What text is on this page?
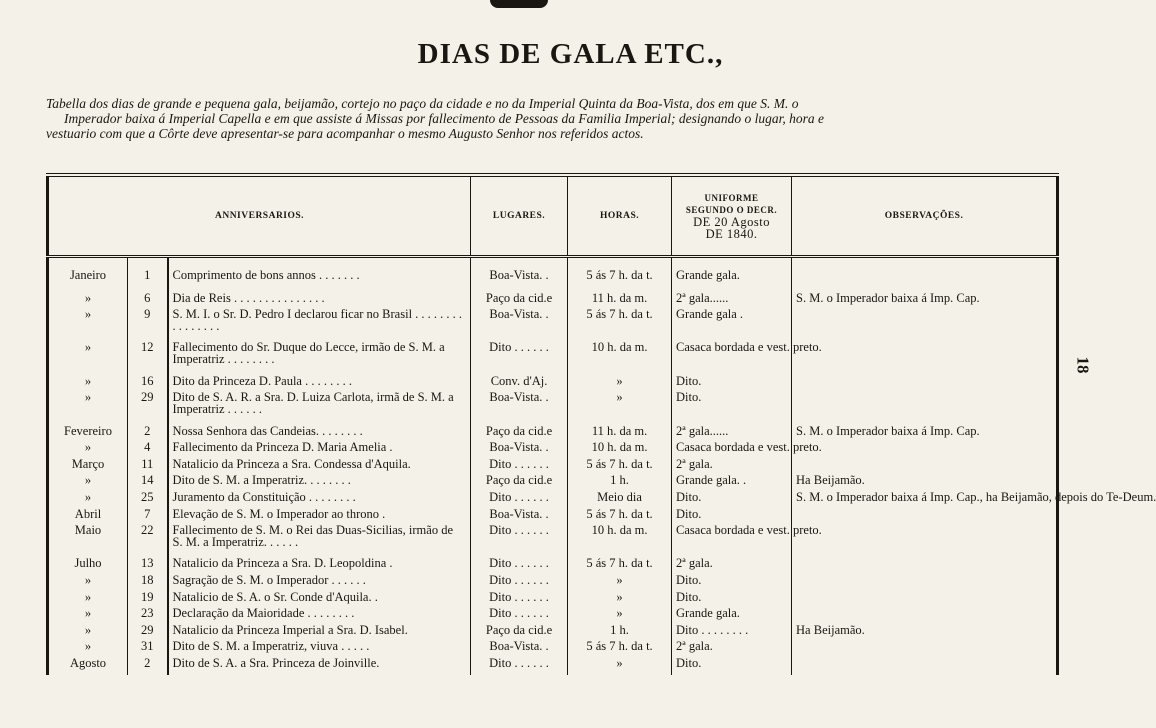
DIAS DE GALA ETC.,
Tabella dos dias de grande e pequena gala, beijamão, cortejo no paço da cidade e no da Imperial Quinta da Boa-Vista, dos em que S. M. o
Imperador baixa á Imperial Capella e em que assiste á Missas por fallecimento de Pessoas da Familia Imperial; designando o lugar, hora e
vestuario com que a Côrte deve apresentar-se para acompanhar o mesmo Augusto Senhor nos referidos actos.
18
ANNIVERSARIOS.			LUGARES.	HORAS.	UNIFORME
SEGUNDO O DECR.
DE 20 Agosto
DE 1840.	OBSERVAÇÕES.
Janeiro	1	Comprimento de bons annos . . . . . . .	Boa-Vista. .	5 ás 7 h. da t.	Grande gala.	
»	6	Dia de Reis . . . . . . . . . . . . . . .	Paço da cid.e	11 h. da m.	2ª gala......	S. M. o Imperador baixa á Imp. Cap.
»	9	S. M. I. o Sr. D. Pedro I declarou ficar no Brasil . . . . . . . . . . . . . . . .	Boa-Vista. .	5 ás 7 h. da t.	Grande gala .	
»	12	Fallecimento do Sr. Duque do Lecce, irmão de S. M. a Imperatriz . . . . . . . .	Dito . . . . . .	10 h. da m.	Casaca bordada e vest. preto.	
»	16	Dito da Princeza D. Paula . . . . . . . .	Conv. d'Aj.	»	Dito.	
»	29	Dito de S. A. R. a Sra. D. Luiza Carlota, irmã de S. M. a Imperatriz . . . . . .	Boa-Vista. .	»	Dito.	
Fevereiro	2	Nossa Senhora das Candeias. . . . . . . .	Paço da cid.e	11 h. da m.	2ª gala......	S. M. o Imperador baixa á Imp. Cap.
»	4	Fallecimento da Princeza D. Maria Amelia .	Boa-Vista. .	10 h. da m.	Casaca bordada e vest. preto.	
Março	11	Natalicio da Princeza a Sra. Condessa d'Aquila.	Dito . . . . . .	5 ás 7 h. da t.	2ª gala.	
»	14	Dito de S. M. a Imperatriz. . . . . . . .	Paço da cid.e	1 h.	Grande gala. .	Ha Beijamão.
»	25	Juramento da Constituição . . . . . . . .	Dito . . . . . .	Meio dia	Dito.	S. M. o Imperador baixa á Imp. Cap., ha Beijamão, depois do Te-Deum.
Abril	7	Elevação de S. M. o Imperador ao throno .	Boa-Vista. .	5 ás 7 h. da t.	Dito.	
Maio	22	Fallecimento de S. M. o Rei das Duas-Sicilias, irmão de S. M. a Imperatriz. . . . . .	Dito . . . . . .	10 h. da m.	Casaca bordada e vest. preto.	
Julho	13	Natalicio da Princeza a Sra. D. Leopoldina .	Dito . . . . . .	5 ás 7 h. da t.	2ª gala.	
»	18	Sagração de S. M. o Imperador . . . . . .	Dito . . . . . .	»	Dito.	
»	19	Natalicio de S. A. o Sr. Conde d'Aquila. .	Dito . . . . . .	»	Dito.	
»	23	Declaração da Maioridade . . . . . . . .	Dito . . . . . .	»	Grande gala.	
»	29	Natalicio da Princeza Imperial a Sra. D. Isabel.	Paço da cid.e	1 h.	Dito . . . . . . . .	Ha Beijamão.
»	31	Dito de S. M. a Imperatriz, viuva . . . . .	Boa-Vista. .	5 ás 7 h. da t.	2ª gala.	
Agosto	2	Dito de S. A. a Sra. Princeza de Joinville.	Dito . . . . . .	»	Dito.	
